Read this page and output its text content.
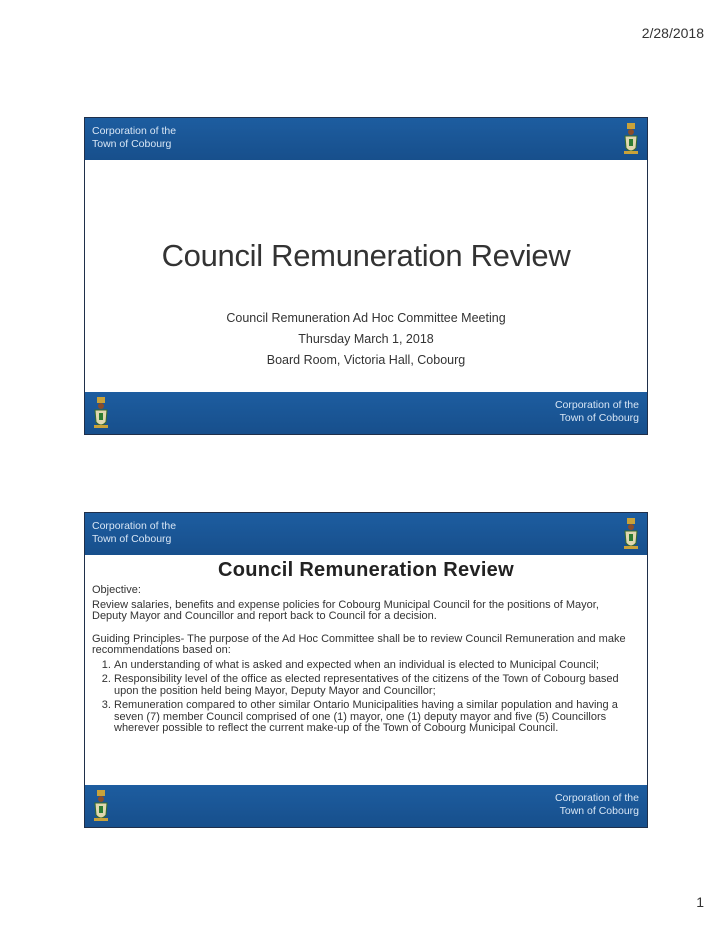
2/28/2018
Corporation of the
Town of Cobourg
Council Remuneration Review
Council Remuneration Ad Hoc Committee Meeting
Thursday March 1, 2018
Board Room, Victoria Hall, Cobourg
Corporation of the
Town of Cobourg
Corporation of the
Town of Cobourg
Council Remuneration Review

Objective:

Review salaries, benefits and expense policies for Cobourg Municipal Council for the positions of Mayor, Deputy Mayor and Councillor and report back to Council for a decision.

Guiding Principles- The purpose of the Ad Hoc Committee shall be to review Council Remuneration and make recommendations based on:

1. An understanding of what is asked and expected when an individual is elected to Municipal Council;
2. Responsibility level of the office as elected representatives of the citizens of the Town of Cobourg based upon the position held being Mayor, Deputy Mayor and Councillor;
3. Remuneration compared to other similar Ontario Municipalities having a similar population and having a seven (7) member Council comprised of one (1) mayor, one (1) deputy mayor and five (5) Councillors wherever possible to reflect the current make-up of the Town of Cobourg Municipal Council.
Corporation of the
Town of Cobourg
1
